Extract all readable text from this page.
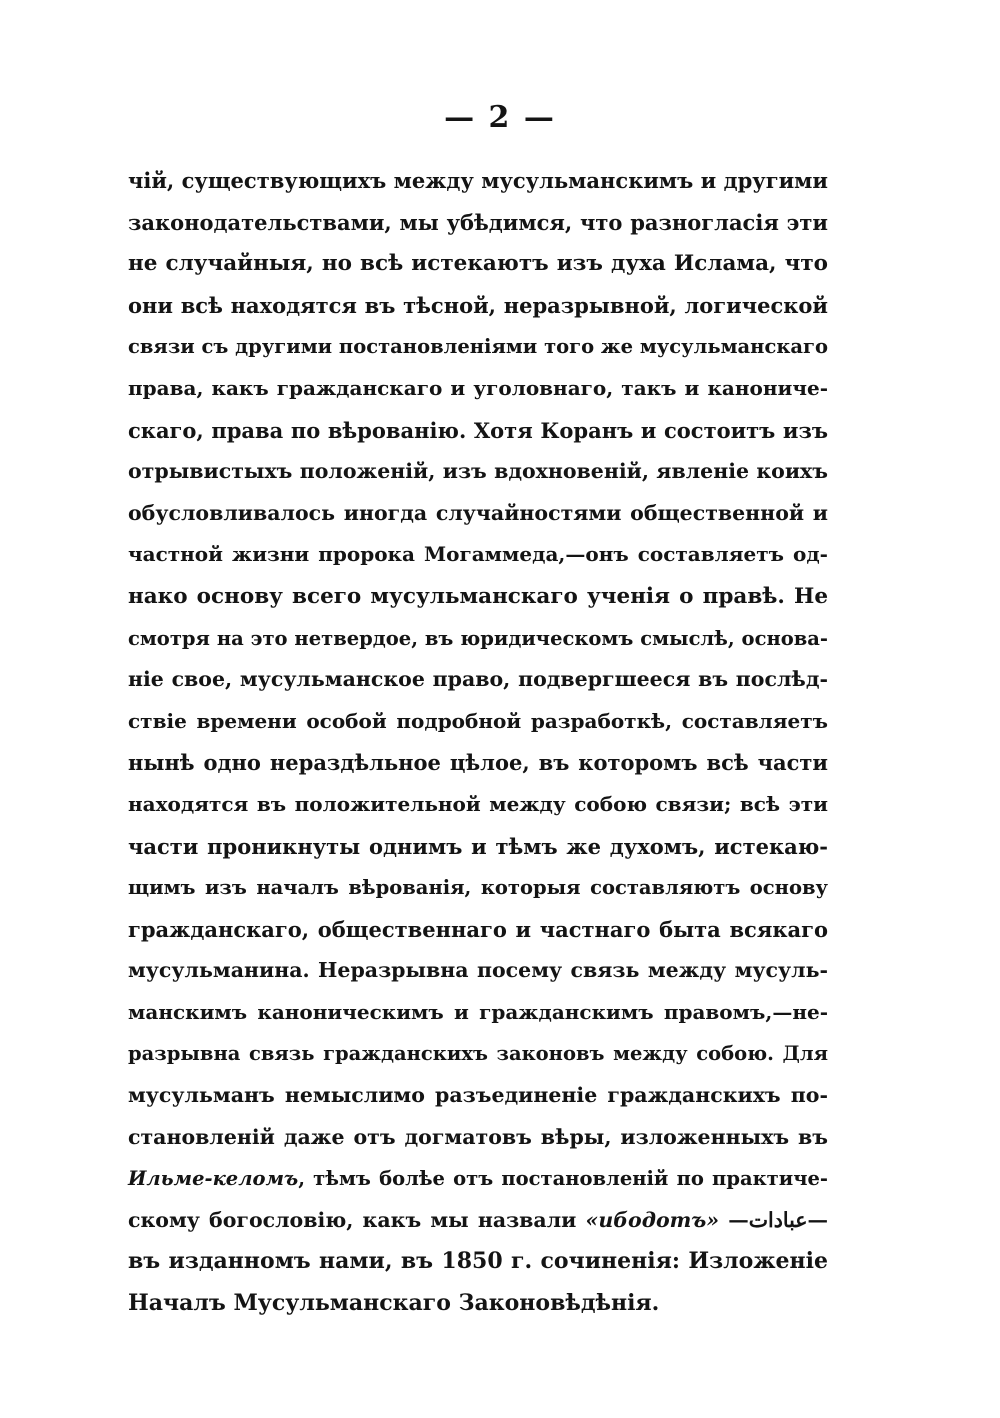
— 2 —
чій, существующихъ между мусульманскимъ и другими
законодательствами, мы убѣдимся, что разногласія эти
не случайныя, но всѣ истекаютъ изъ духа Ислама, что
они всѣ находятся въ тѣсной, неразрывной, логической
связи съ другими постановленіями того же мусульманскаго
права, какъ гражданскаго и уголовнаго, такъ и канониче-
скаго, права по вѣрованію. Хотя Коранъ и состоитъ изъ
отрывистыхъ положеній, изъ вдохновеній, явленіе коихъ
обусловливалось иногда случайностями общественной и
частной жизни пророка Могаммеда,—онъ составляетъ од-
нако основу всего мусульманскаго ученія о правѣ. Не
смотря на это нетвердое, въ юридическомъ смыслѣ, основа-
ніе свое, мусульманское право, подвергшееся въ послѣд-
ствіе времени особой подробной разработкѣ, составляетъ
нынѣ одно нераздѣльное цѣлое, въ которомъ всѣ части
находятся въ положительной между собою связи; всѣ эти
части проникнуты однимъ и тѣмъ же духомъ, истекаю-
щимъ изъ началъ вѣрованія, которыя составляютъ основу
гражданскаго, общественнаго и частнаго быта всякаго
мусульманина. Неразрывна посему связь между мусуль-
манскимъ каноническимъ и гражданскимъ правомъ,—не-
разрывна связь гражданскихъ законовъ между собою. Для
мусульманъ немыслимо разъединеніе гражданскихъ по-
становленій даже отъ догматовъ вѣры, изложенныхъ въ
Ильме-келомъ, тѣмъ болѣе отъ постановленій по практиче-
скому богословію, какъ мы назвали «ибодотъ» —عبادات—
въ изданномъ нами, въ 1850 г. сочиненія: Изложеніе
Началъ Мусульманскаго Законовѣдѣнія.
